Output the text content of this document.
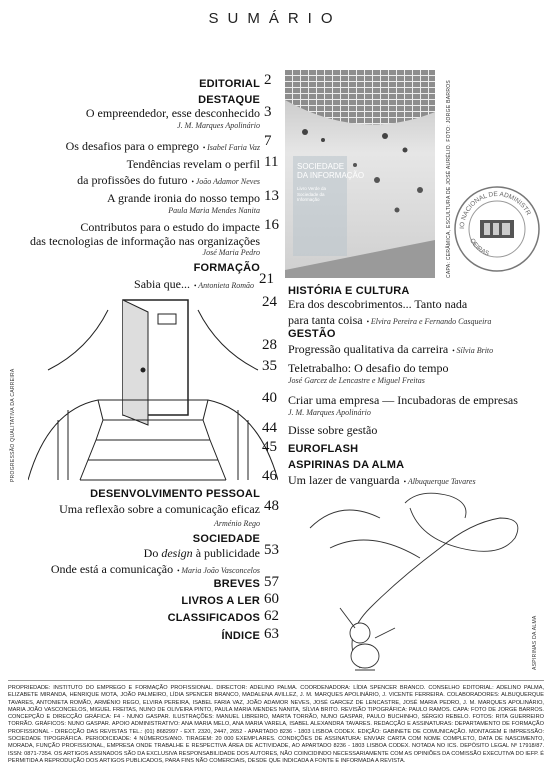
SUMÁRIO
EDITORIAL 2
DESTAQUE
O empreendedor, esse desconhecido 3
J. M. Marques Apolinário
Os desafios para o emprego • Isabel Faria Vaz 7
Tendências revelam o perfil 11
da profissões do futuro • João Adamor Neves
A grande ironia do nosso tempo 13
Paula Maria Mendes Nanita
Contributos para o estudo do impacte 16
das tecnologias de informação nas organizações
José Maria Pedro
FORMAÇÃO
Sabia que... • Antonieta Romão 21
SOCIEDADE
DA INFORMAÇÃO
Livro Verde da Sociedade da Informação	CAPA: CERÂMICA, ESCULTURA DE JOSÉ AURÉLIO. FOTO: JORGE BARROS IO NACIONAL DE ADMINISTR
OEIRAS
PROGRESSÃO QUALITATIVA DA CARREIRA
HISTÓRIA E CULTURA
24 Era dos descobrimentos... Tanto nada
para tanta coisa • Elvira Pereira e Fernando Casqueira
GESTÃO
28 Progressão qualitativa da carreira • Sílvia Brito
35 Teletrabalho: O desafio do tempo
José Garcez de Lencastre e Miguel Freitas
40 Criar uma empresa — Incubadoras de empresas
J. M. Marques Apolinário
44 Disse sobre gestão
45 EUROFLASH
ASPIRINAS DA ALMA
46 Um lazer de vanguarda • Albuquerque Tavares
DESENVOLVIMENTO PESSOAL
Uma reflexão sobre a comunicação eficaz 48
Arménio Rego
SOCIEDADE
Do design à publicidade 53
Onde está a comunicação • Maria João Vasconcelos
BREVES 57
LIVROS A LER 60
CLASSIFICADOS 62
ÍNDICE 63	ASPIRINAS DA ALMA
PROPRIEDADE: INSTITUTO DO EMPREGO E FORMAÇÃO PROFISSIONAL. DIRECTOR: ADELINO PALMA. COORDENADORA: LÍDIA SPENCER BRANCO. CONSELHO EDITORIAL: ADELINO PALMA, ELIZABETE MIRANDA, HENRIQUE MOTA, JOÃO PALMEIRO, LÍDIA SPENCER BRANCO, MADALENA AVILLEZ, J. M. MARQUES APOLINÁRIO, J. VICENTE FERREIRA. COLABORADORES: ALBUQUERQUE TAVARES, ANTONIETA ROMÃO, ARMÉNIO REGO, ELVIRA PEREIRA, ISABEL FARIA VAZ, JOÃO ADAMOR NEVES, JOSÉ GARCEZ DE LENCASTRE, JOSÉ MARIA PEDRO, J. M. MARQUES APOLINÁRIO, MARIA JOÃO VASCONCELOS, MIGUEL FREITAS, NUNO DE OLIVEIRA PINTO, PAULA MARIA MENDES NANITA, SÍLVIA BRITO. REVISÃO TIPOGRÁFICA: PAULO RAMOS. CAPA: FOTO DE JORGE BARROS. CONCEPÇÃO E DIRECÇÃO GRÁFICA: F4 - NUNO GASPAR. ILUSTRAÇÕES: MANUEL LIBREIRO, MARTA TORRÃO, NUNO GASPAR, PAULO BUCHINHO, SÉRGIO REBELO. FOTOS: RITA GUERREIRO TORRÃO. GRÁFICOS: NUNO GASPAR. APOIO ADMINISTRATIVO: ANA MARIA MELO, ANA MARIA VARELA, ISABEL ALEXANDRA TAVARES. REDACÇÃO E ASSINATURAS: DEPARTAMENTO DE FORMAÇÃO PROFISSIONAL - DIRECÇÃO DAS REVISTAS TEL.: (01) 8682997 - EXT. 2320, 2447, 2652 - APARTADO 8236 - 1803 LISBOA CODEX. EDIÇÃO: GABINETE DE COMUNICAÇÃO. MONTAGEM E IMPRESSÃO: SOCIEDADE TIPOGRÁFICA. PERIODICIDADE: 4 NÚMEROS/ANO. TIRAGEM: 20 000 EXEMPLARES. CONDIÇÕES DE ASSINATURA: ENVIAR CARTA COM NOME COMPLETO, DATA DE NASCIMENTO, MORADA, FUNÇÃO PROFISSIONAL, EMPRESA ONDE TRABALHE E RESPECTIVA ÁREA DE ACTIVIDADE, AO APARTADO 8236 - 1803 LISBOA CODEX. NOTADA NO ICS. DEPÓSITO LEGAL Nº 17918/87. ISSN: 0871-7354. OS ARTIGOS ASSINADOS SÃO DA EXCLUSIVA RESPONSABILIDADE DOS AUTORES, NÃO COINCIDINDO NECESSARIAMENTE COM AS OPINIÕES DA COMISSÃO EXECUTIVA DO IEFP. É PERMITIDA A REPRODUÇÃO DOS ARTIGOS PUBLICADOS, PARA FINS NÃO COMERCIAIS, DESDE QUE INDICADA A FONTE E INFORMADA A REVISTA.
